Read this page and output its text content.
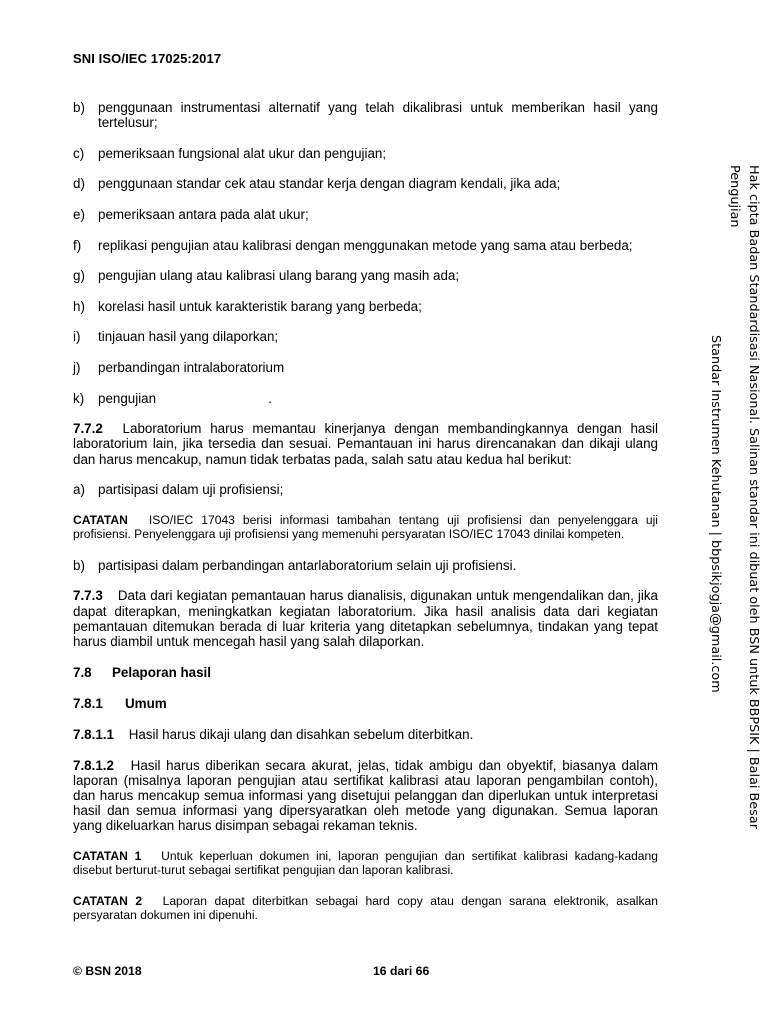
SNI ISO/IEC 17025:2017
b) penggunaan instrumentasi alternatif yang telah dikalibrasi untuk memberikan hasil yang tertelusur;
c) pemeriksaan fungsional alat ukur dan pengujian;
d) penggunaan standar cek atau standar kerja dengan diagram kendali, jika ada;
e) pemeriksaan antara pada alat ukur;
f) replikasi pengujian atau kalibrasi dengan menggunakan metode yang sama atau berbeda;
g) pengujian ulang atau kalibrasi ulang barang yang masih ada;
h) korelasi hasil untuk karakteristik barang yang berbeda;
i) tinjauan hasil yang dilaporkan;
j) perbandingan intralaboratorium
k) pengujian	.
7.7.2 Laboratorium harus memantau kinerjanya dengan membandingkannya dengan hasil laboratorium lain, jika tersedia dan sesuai. Pemantauan ini harus direncanakan dan dikaji ulang dan harus mencakup, namun tidak terbatas pada, salah satu atau kedua hal berikut:
a) partisipasi dalam uji profisiensi;
CATATAN ISO/IEC 17043 berisi informasi tambahan tentang uji profisiensi dan penyelenggara uji profisiensi. Penyelenggara uji profisiensi yang memenuhi persyaratan ISO/IEC 17043 dinilai kompeten.
b) partisipasi dalam perbandingan antarlaboratorium selain uji profisiensi.
7.7.3 Data dari kegiatan pemantauan harus dianalisis, digunakan untuk mengendalikan dan, jika dapat diterapkan, meningkatkan kegiatan laboratorium. Jika hasil analisis data dari kegiatan pemantauan ditemukan berada di luar kriteria yang ditetapkan sebelumnya, tindakan yang tepat harus diambil untuk mencegah hasil yang salah dilaporkan.
7.8	Pelaporan hasil
7.8.1	Umum
7.8.1.1 Hasil harus dikaji ulang dan disahkan sebelum diterbitkan.
7.8.1.2 Hasil harus diberikan secara akurat, jelas, tidak ambigu dan obyektif, biasanya dalam laporan (misalnya laporan pengujian atau sertifikat kalibrasi atau laporan pengambilan contoh), dan harus mencakup semua informasi yang disetujui pelanggan dan diperlukan untuk interpretasi hasil dan semua informasi yang dipersyaratkan oleh metode yang digunakan. Semua laporan yang dikeluarkan harus disimpan sebagai rekaman teknis.
CATATAN 1 Untuk keperluan dokumen ini, laporan pengujian dan sertifikat kalibrasi kadang-kadang disebut berturut-turut sebagai sertifikat pengujian dan laporan kalibrasi.
CATATAN 2 Laporan dapat diterbitkan sebagai hard copy atau dengan sarana elektronik, asalkan persyaratan dokumen ini dipenuhi.
© BSN 2018	16 dari 66
Hak cipta Badan Standardisasi Nasional. Salinan standar ini dibuat oleh BSN untuk BBPSIK | Balai Besar Pengujian
Standar Instrumen Kehutanan | bbpsikjogja@gmail.com
